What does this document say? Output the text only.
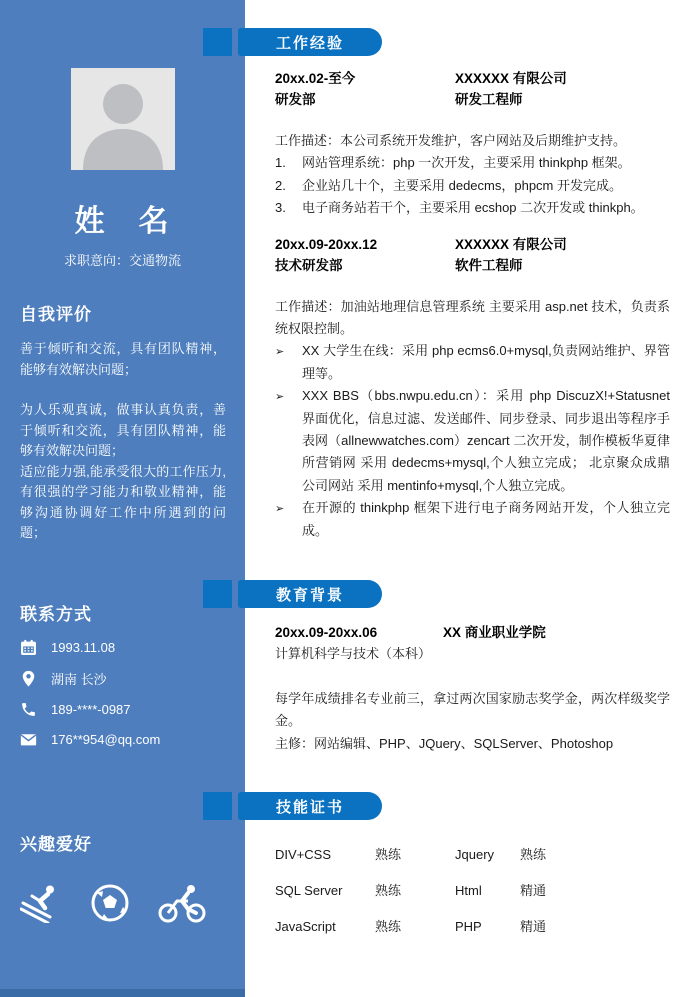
姓　名
求职意向：交通物流
自我评价

善于倾听和交流，具有团队精神，能够有效解决问题；

为人乐观真诚，做事认真负责，善于倾听和交流，具有团队精神，能够有效解决问题；

适应能力强,能承受很大的工作压力,有很强的学习能力和敬业精神，能够沟通协调好工作中所遇到的问题；

联系方式
1993.11.08
湖南 长沙
189-****-0987
176**954@qq.com
兴趣爱好
工作经验
教育背景
技能证书
20xx.02-至今	XXXXXX 有限公司
研发部	研发工程师

工作描述：本公司系统开发维护，客户网站及后期维护支持。

1.	网站管理系统：php 一次开发，主要采用 thinkphp 框架。
2.	企业站几十个，主要采用 dedecms，phpcm 开发完成。
3.	电子商务站若干个，主要采用 ecshop 二次开发或 thinkph。
20xx.09-20xx.12	XXXXXX 有限公司
技术研发部	软件工程师

工作描述：加油站地理信息管理系统 主要采用 asp.net 技术，负责系统权限控制。

➢	XX 大学生在线：采用 php ecms6.0+mysql,负责网站维护、界管理等。
➢	XXX BBS（bbs.nwpu.edu.cn）：采用 php DiscuzX!+Statusnet 界面优化，信息过滤、发送邮件、同步登录、同步退出等程序手表网（allnewwatches.com）zencart 二次开发，制作模板华夏律所营销网 采用 dedecms+mysql,个人独立完成； 北京聚众成鼎公司网站 采用 mentinfo+mysql,个人独立完成。
➢	在开源的 thinkphp 框架下进行电子商务网站开发，个人独立完成。
20xx.09-20xx.06	XX 商业职业学院
计算机科学与技术（本科）

每学年成绩排名专业前三，拿过两次国家励志奖学金，两次样级奖学金。

主修：网站编辑、PHP、JQuery、SQLServer、Photoshop

DIV+CSS	熟练	Jquery	熟练
SQL Server	熟练	Html	精通
JavaScript	熟练	PHP	精通
